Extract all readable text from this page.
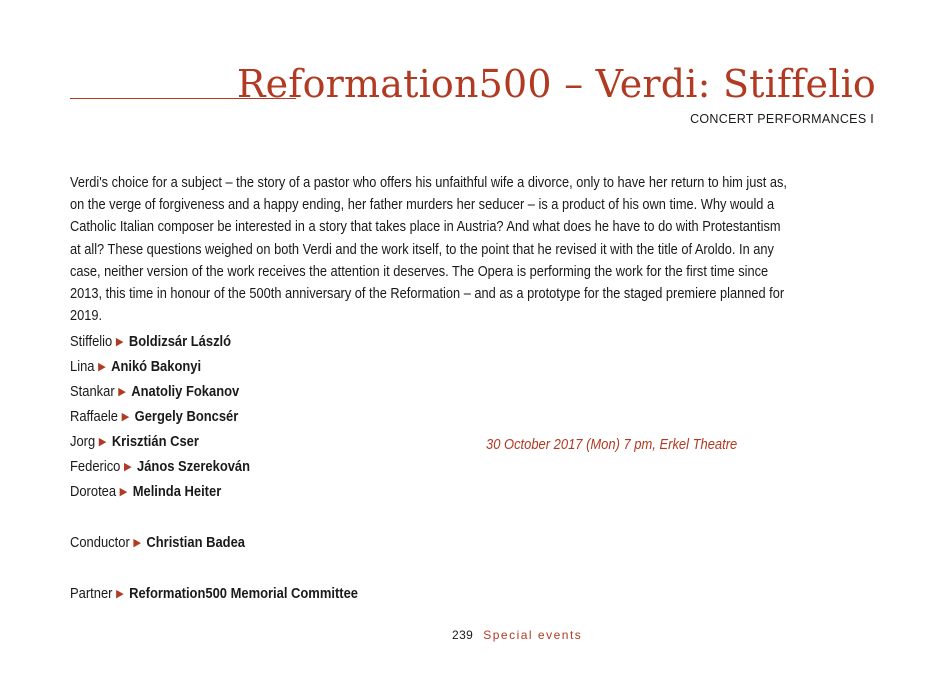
Reformation500 – Verdi: Stiffelio
CONCERT PERFORMANCES I

Verdi's choice for a subject – the story of a pastor who offers his unfaithful wife a divorce, only to have her return to him just as, on the verge of forgiveness and a happy ending, her father murders her seducer – is a product of his own time. Why would a Catholic Italian composer be interested in a story that takes place in Austria? And what does he have to do with Protestantism at all? These questions weighed on both Verdi and the work itself, to the point that he revised it with the title of Aroldo. In any case, neither version of the work receives the attention it deserves. The Opera is performing the work for the first time since 2013, this time in honour of the 500th anniversary of the Reformation – and as a prototype for the staged premiere planned for 2019.

Stiffelio ▶ Boldizsár László
Lina ▶ Anikó Bakonyi
Stankar ▶ Anatoliy Fokanov
Raffaele ▶ Gergely Boncsér
Jorg ▶ Krisztián Cser
Federico ▶ János Szerekován
Dorotea ▶ Melinda Heiter
Conductor ▶ Christian Badea
Partner ▶ Reformation500 Memorial Committee
30 October 2017 (Mon) 7 pm, Erkel Theatre
239 Special events
